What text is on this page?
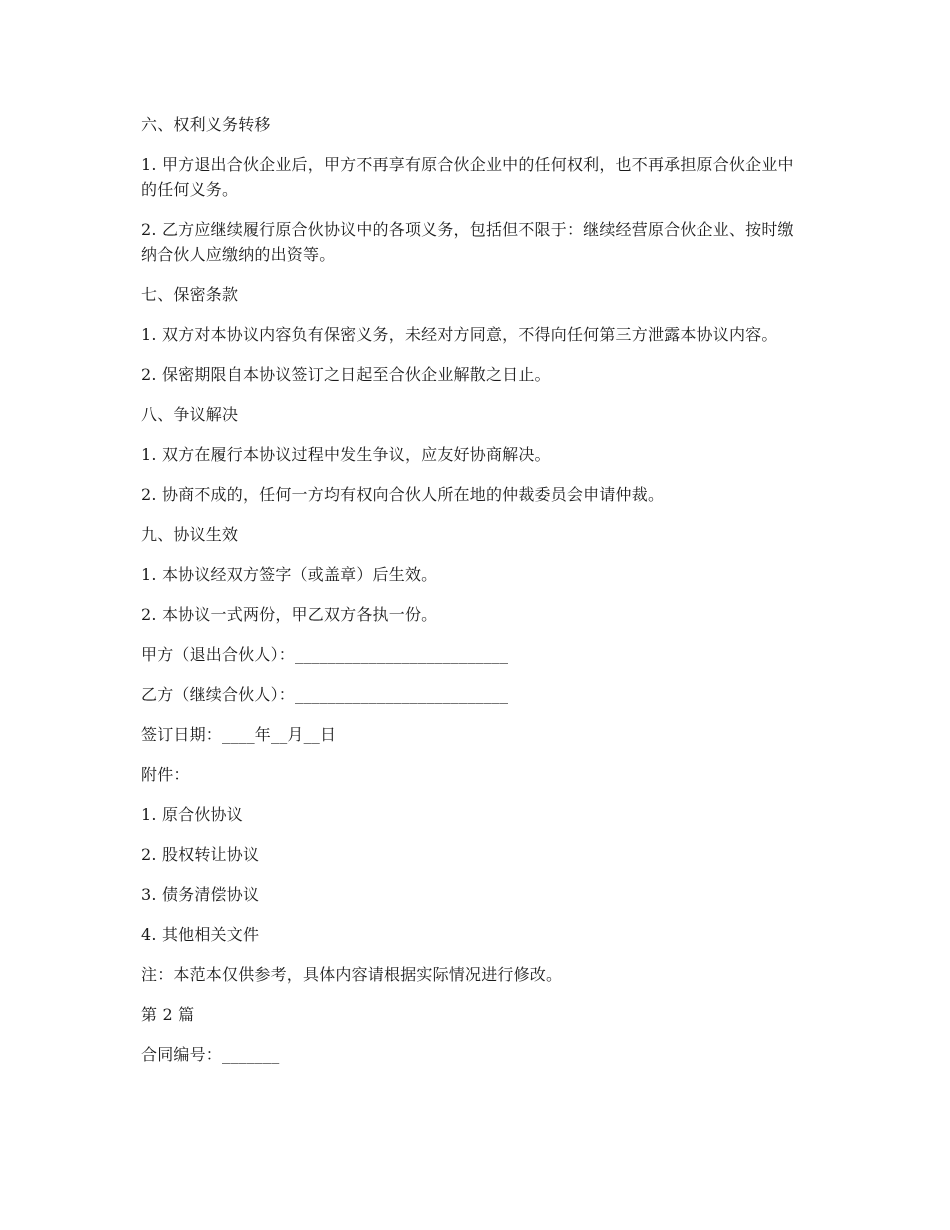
六、权利义务转移

1. 甲方退出合伙企业后，甲方不再享有原合伙企业中的任何权利，也不再承担原合伙企业中的任何义务。

2. 乙方应继续履行原合伙协议中的各项义务，包括但不限于：继续经营原合伙企业、按时缴纳合伙人应缴纳的出资等。

七、保密条款

1. 双方对本协议内容负有保密义务，未经对方同意，不得向任何第三方泄露本协议内容。

2. 保密期限自本协议签订之日起至合伙企业解散之日止。

八、争议解决

1. 双方在履行本协议过程中发生争议，应友好协商解决。

2. 协商不成的，任何一方均有权向合伙人所在地的仲裁委员会申请仲裁。

九、协议生效

1. 本协议经双方签字（或盖章）后生效。

2. 本协议一式两份，甲乙双方各执一份。

甲方（退出合伙人）：__________________________

乙方（继续合伙人）：__________________________

签订日期：____年__月__日

附件：

1. 原合伙协议

2. 股权转让协议

3. 债务清偿协议

4. 其他相关文件

注：本范本仅供参考，具体内容请根据实际情况进行修改。

第 2 篇

合同编号：_______
